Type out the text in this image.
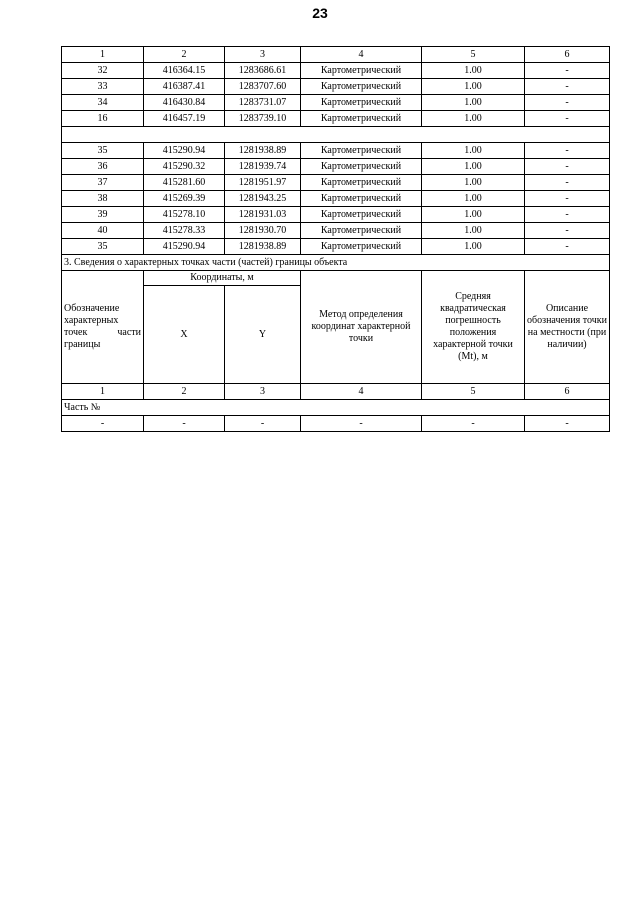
23
1	2	3	4	5	6
32	416364.15	1283686.61	Картометрический	1.00	-
33	416387.41	1283707.60	Картометрический	1.00	-
34	416430.84	1283731.07	Картометрический	1.00	-
16	416457.19	1283739.10	Картометрический	1.00	-

35	415290.94	1281938.89	Картометрический	1.00	-
36	415290.32	1281939.74	Картометрический	1.00	-
37	415281.60	1281951.97	Картометрический	1.00	-
38	415269.39	1281943.25	Картометрический	1.00	-
39	415278.10	1281931.03	Картометрический	1.00	-
40	415278.33	1281930.70	Картометрический	1.00	-
35	415290.94	1281938.89	Картометрический	1.00	-
3. Сведения о характерных точках части (частей) границы объекта					
Обозначение характерных точек части границы	Координаты, м		Метод определения координат характерной точки	Средняя квадратическая погрешность положения характерной точки (Mt), м	Описание обозначения точки на местности (при наличии)
	X	Y			
1	2	3	4	5	6
Часть №					
-	-	-	-	-	-
